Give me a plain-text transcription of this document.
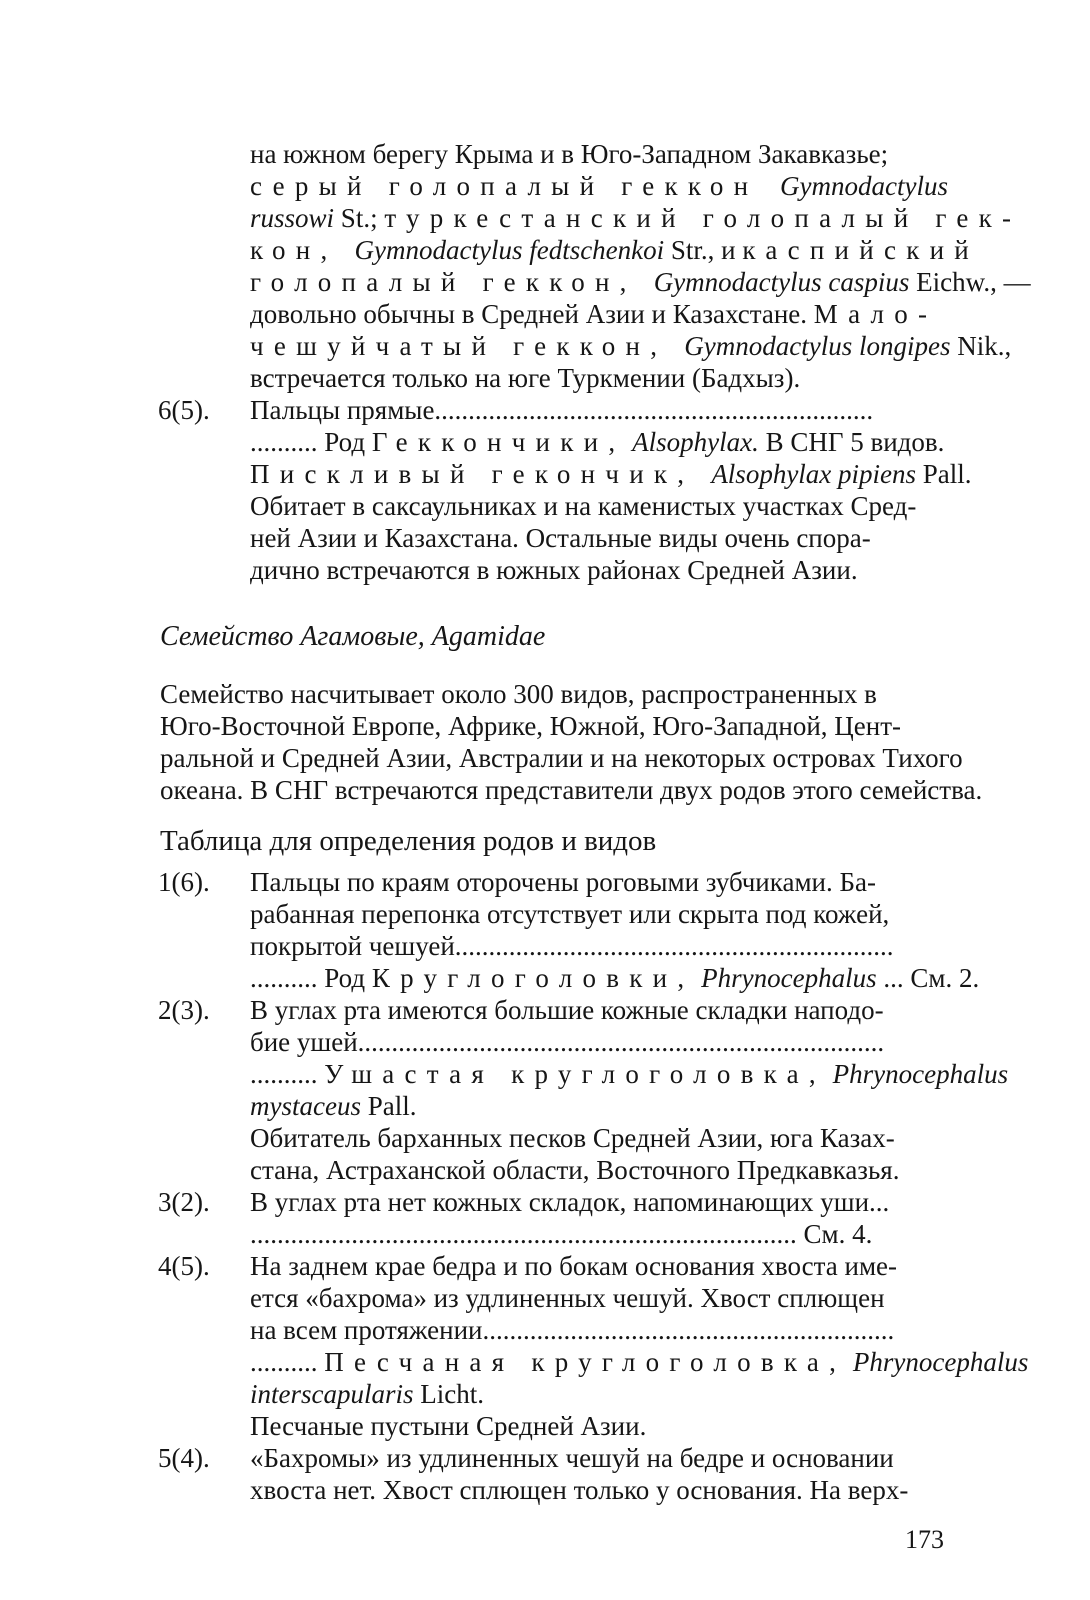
на южном берегу Крыма и в Юго-Западном Закавказье;
серый голопалый геккон Gymnodactylus
russowi St.; туркестанский голопалый гек-
кон, Gymnodactylus fedtschenkoi Str., и каспийский
голопалый геккон, Gymnodactylus caspius Eichw., —
довольно обычны в Средней Азии и Казахстане. Мало-
чешуйчатый геккон, Gymnodactylus longipes Nik.,
встречается только на юге Туркмении (Бадхыз).
6(5). Пальцы прямые.................................................................
.......... Род Геккончики, Alsophylax. В СНГ 5 видов.
Пискливый гекончик, Alsophylax pipiens Pall.
Обитает в саксаульниках и на каменистых участках Сред-
ней Азии и Казахстана. Остальные виды очень спора-
дично встречаются в южных районах Средней Азии.
Семейство Агамовые, Agamidae
Семейство насчитывает около 300 видов, распространенных в
Юго-Восточной Европе, Африке, Южной, Юго-Западной, Цент-
ральной и Средней Азии, Австралии и на некоторых островах Тихого
океана. В СНГ встречаются представители двух родов этого семейства.
Таблица для определения родов и видов
1(6). Пальцы по краям оторочены роговыми зубчиками. Ба-
рабанная перепонка отсутствует или скрыта под кожей,
покрытой чешуей.................................................................
.......... Род Круглоголовки, Phrynocephalus ... См. 2.
2(3). В углах рта имеются большие кожные складки наподо-
бие ушей..............................................................................
.......... Ушастая круглоголовка, Phrynocephalus
mystaceus Pall.
Обитатель барханных песков Средней Азии, юга Казах-
стана, Астраханской области, Восточного Предкавказья.
3(2). В углах рта нет кожных складок, напоминающих уши...
................................................................................. См. 4.
4(5). На заднем крае бедра и по бокам основания хвоста име-
ется «бахрома» из удлиненных чешуй. Хвост сплющен
на всем протяжении.............................................................
.......... Песчаная круглоголовка, Phrynocephalus
interscapularis Licht.
Песчаные пустыни Средней Азии.
5(4). «Бахромы» из удлиненных чешуй на бедре и основании
хвоста нет. Хвост сплющен только у основания. На верх-
173
